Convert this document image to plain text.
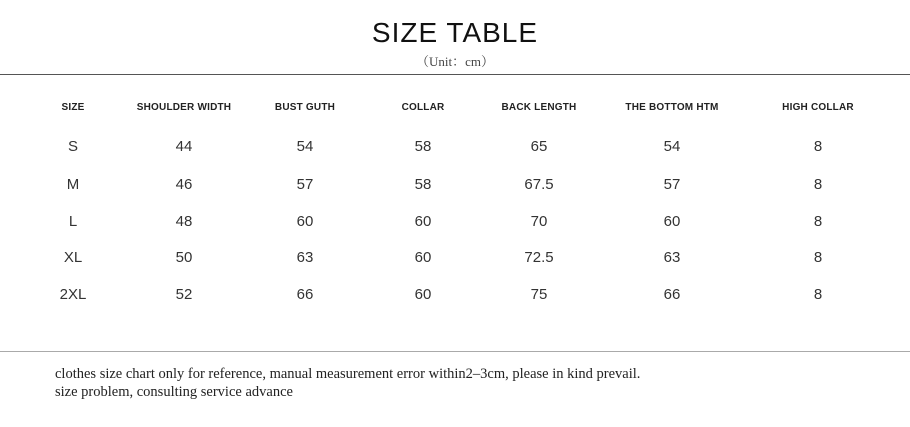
SIZE TABLE
（Unit：cm）
SIZE	SHOULDER WIDTH	BUST GUTH	COLLAR	BACK LENGTH	THE BOTTOM HTM	HIGH COLLAR
S	44	54	58	65	54	8
M	46	57	58	67.5	57	8
L	48	60	60	70	60	8
XL	50	63	60	72.5	63	8
2XL	52	66	60	75	66	8
clothes size chart only for reference, manual measurement error within2–3cm, please in kind prevail.
size problem, consulting service advance
